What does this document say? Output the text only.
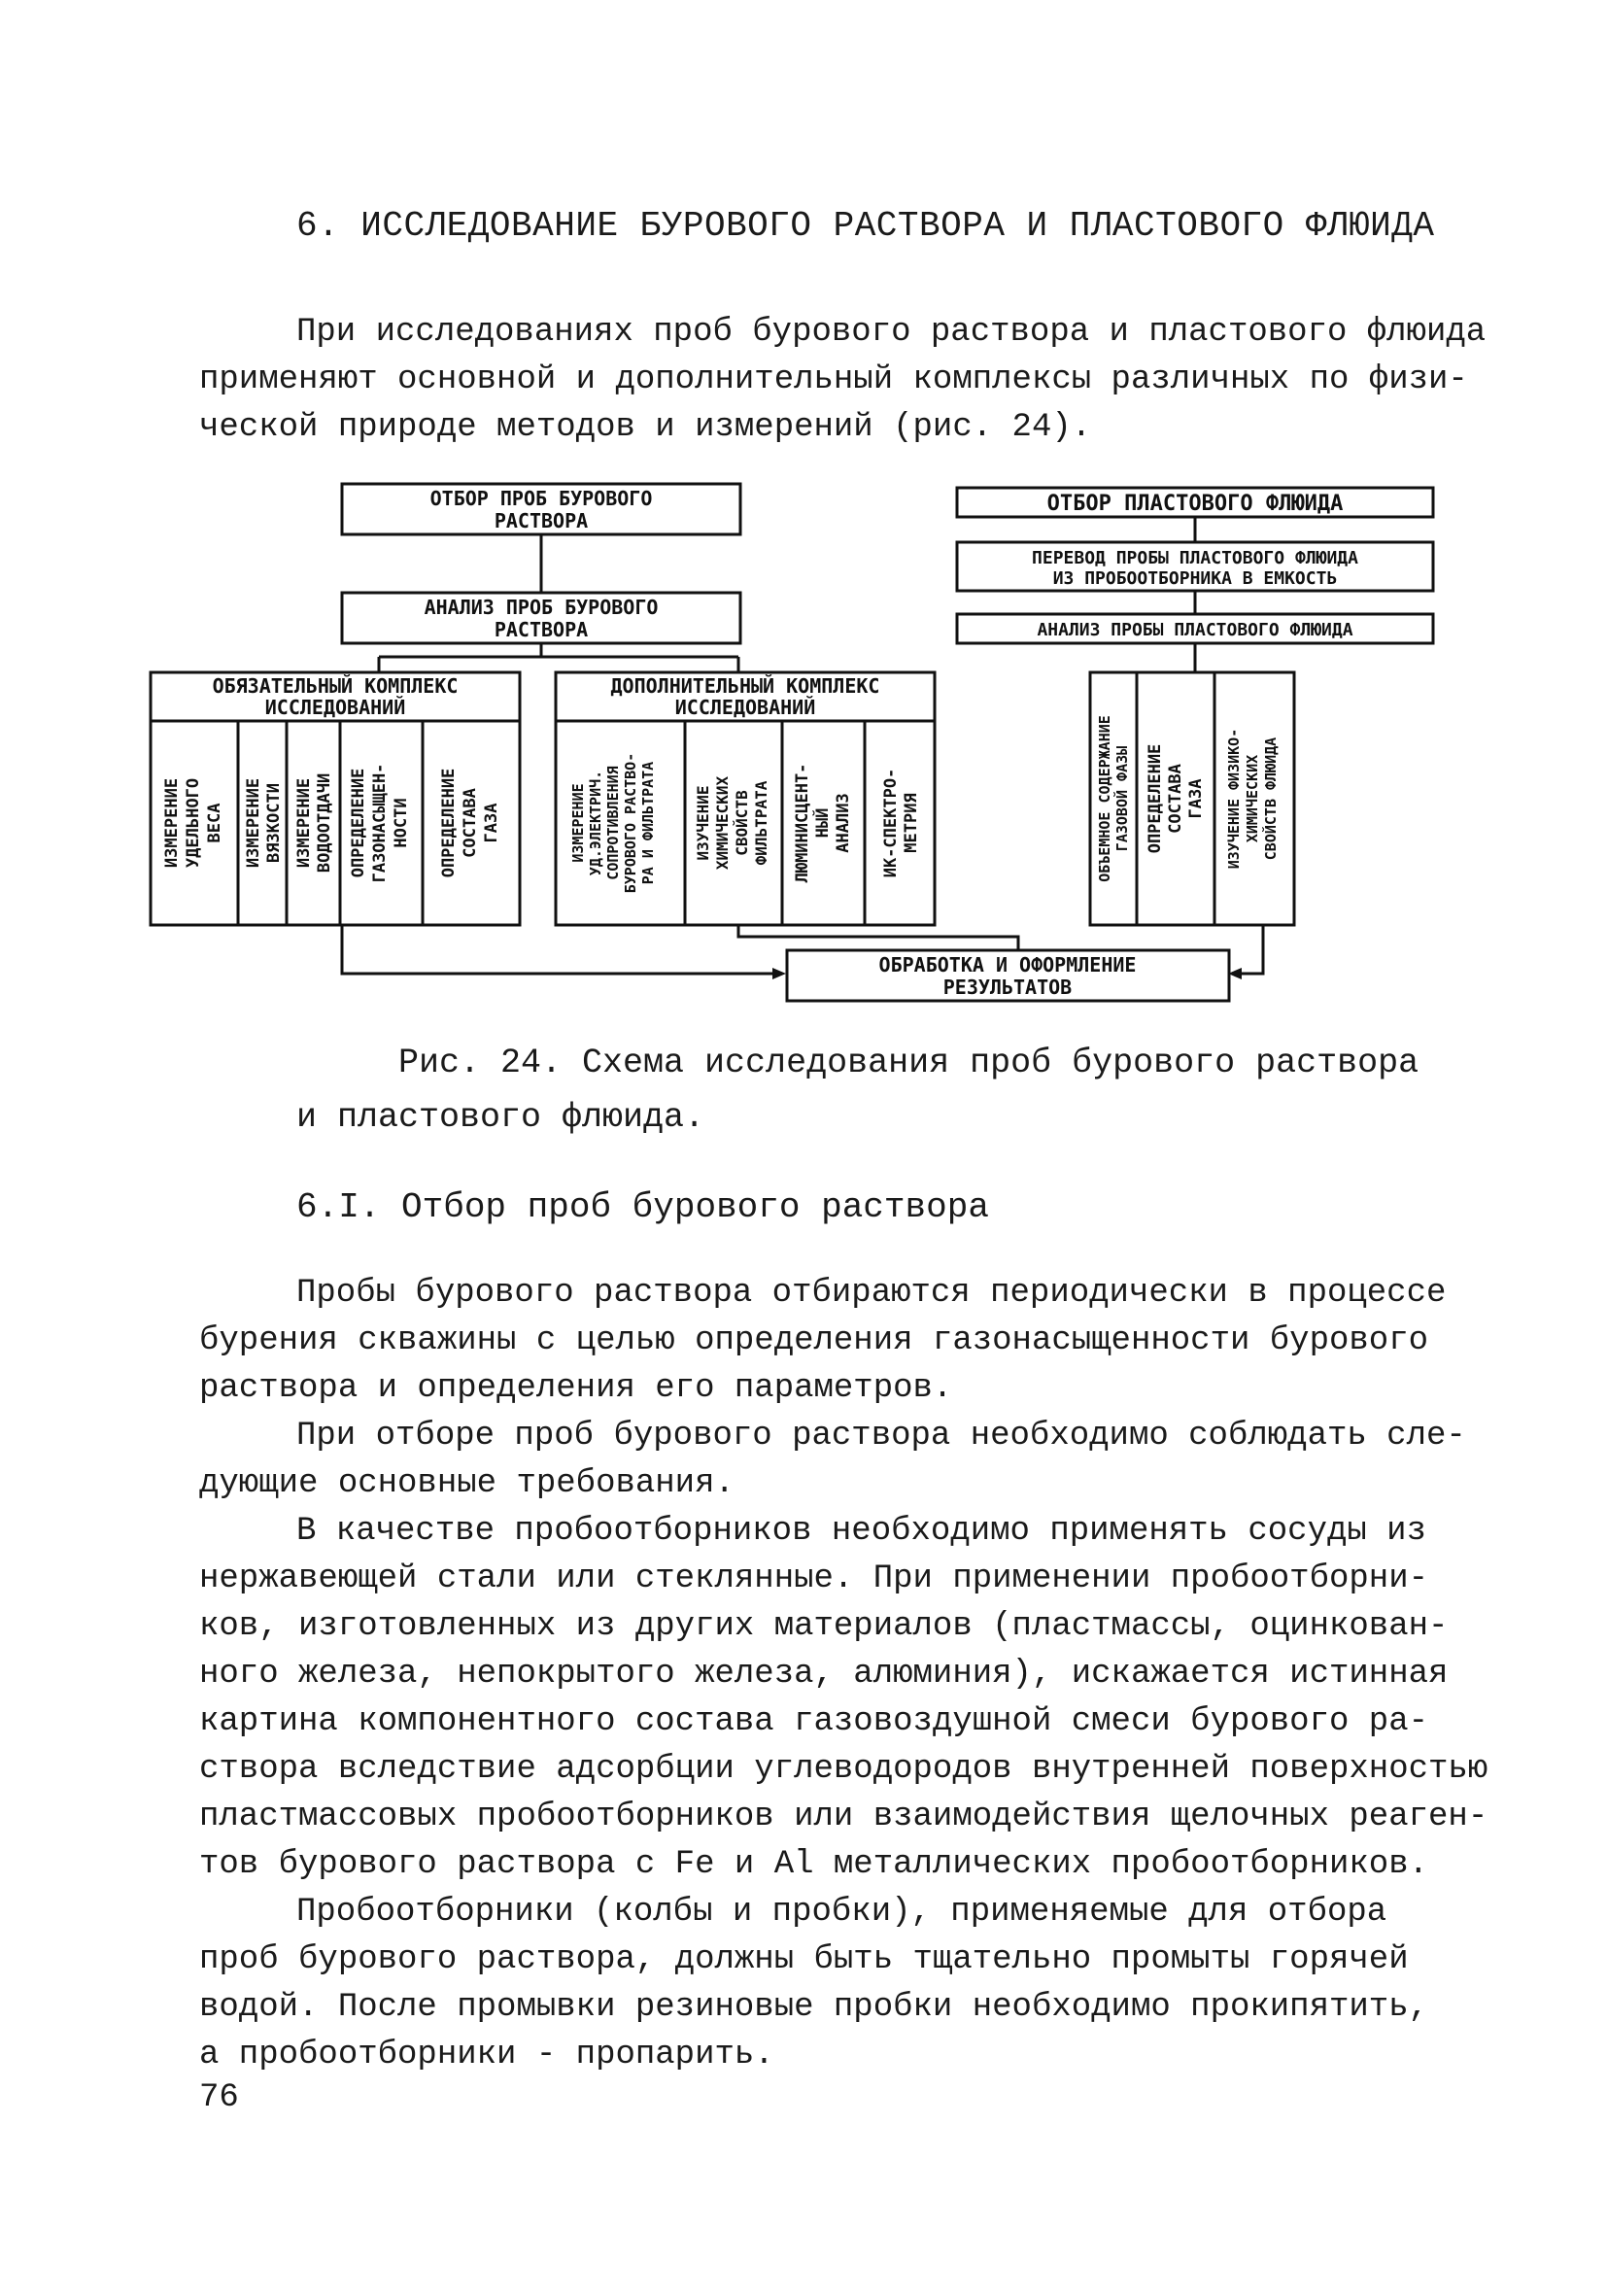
6. ИССЛЕДОВАНИЕ БУРОВОГО РАСТВОРА И ПЛАСТОВОГО ФЛЮИДА
При исследованиях проб бурового раствора и пластового флюида
применяют основной и дополнительный комплексы различных по физи-
ческой природе методов и измерений (рис. 24).
ОТБОР ПРОБ БУРОВОГО
РАСТВОРА
АНАЛИЗ ПРОБ БУРОВОГО
РАСТВОРА
ОБЯЗАТЕЛЬНЫЙ КОМПЛЕКС
ИССЛЕДОВАНИЙ
ИЗМЕРЕНИЕ УДЕЛЬНОГО ВЕСА ИЗМЕРЕНИЕ ВЯЗКОСТИ ИЗМЕРЕНИЕ ВОДООТДАЧИ ОПРЕДЕЛЕНИЕ ГАЗОНАСЫЩЕН- НОСТИ ОПРЕДЕЛЕНИЕ СОСТАВА ГАЗА
ДОПОЛНИТЕЛЬНЫЙ КОМПЛЕКС
ИССЛЕДОВАНИЙ
ИЗМЕРЕНИЕ УД.ЭЛЕКТРИЧ. СОПРОТИВЛЕНИЯ БУРОВОГО РАСТВО- РА И ФИЛЬТРАТА ИЗУЧЕНИЕ ХИМИЧЕСКИХ СВОЙСТВ ФИЛЬТРАТА ЛЮМИНИСЦЕНТ- НЫЙ АНАЛИЗ ИК-СПЕКТРО- МЕТРИЯ
ОТБОР ПЛАСТОВОГО ФЛЮИДА
ПЕРЕВОД ПРОБЫ ПЛАСТОВОГО ФЛЮИДА
ИЗ ПРОБООТБОРНИКА В ЕМКОСТЬ
АНАЛИЗ ПРОБЫ ПЛАСТОВОГО ФЛЮИДА
ОБЪЕМНОЕ СОДЕРЖАНИЕ ГАЗОВОЙ ФАЗЫ ОПРЕДЕЛЕНИЕ СОСТАВА ГАЗА ИЗУЧЕНИЕ ФИЗИКО- ХИМИЧЕСКИХ СВОЙСТВ ФЛЮИДА
ОБРАБОТКА И ОФОРМЛЕНИЕ
РЕЗУЛЬТАТОВ
Рис. 24. Схема исследования проб бурового раствора
и пластового флюида.
6.I. Отбор проб бурового раствора
Пробы бурового раствора отбираются периодически в процессе
бурения скважины с целью определения газонасыщенности бурового
раствора и определения его параметров.
При отборе проб бурового раствора необходимо соблюдать сле-
дующие основные требования.
В качестве пробоотборников необходимо применять сосуды из
нержавеющей стали или стеклянные. При применении пробоотборни-
ков, изготовленных из других материалов (пластмассы, оцинкован-
ного железа, непокрытого железа, алюминия), искажается истинная
картина компонентного состава газовоздушной смеси бурового ра-
створа вследствие адсорбции углеводородов внутренней поверхностью
пластмассовых пробоотборников или взаимодействия щелочных реаген-
тов бурового раствора с Fe и Al металлических пробоотборников.
Пробоотборники (колбы и пробки), применяемые для отбора
проб бурового раствора, должны быть тщательно промыты горячей
водой. После промывки резиновые пробки необходимо прокипятить,
а пробоотборники - пропарить.
76
